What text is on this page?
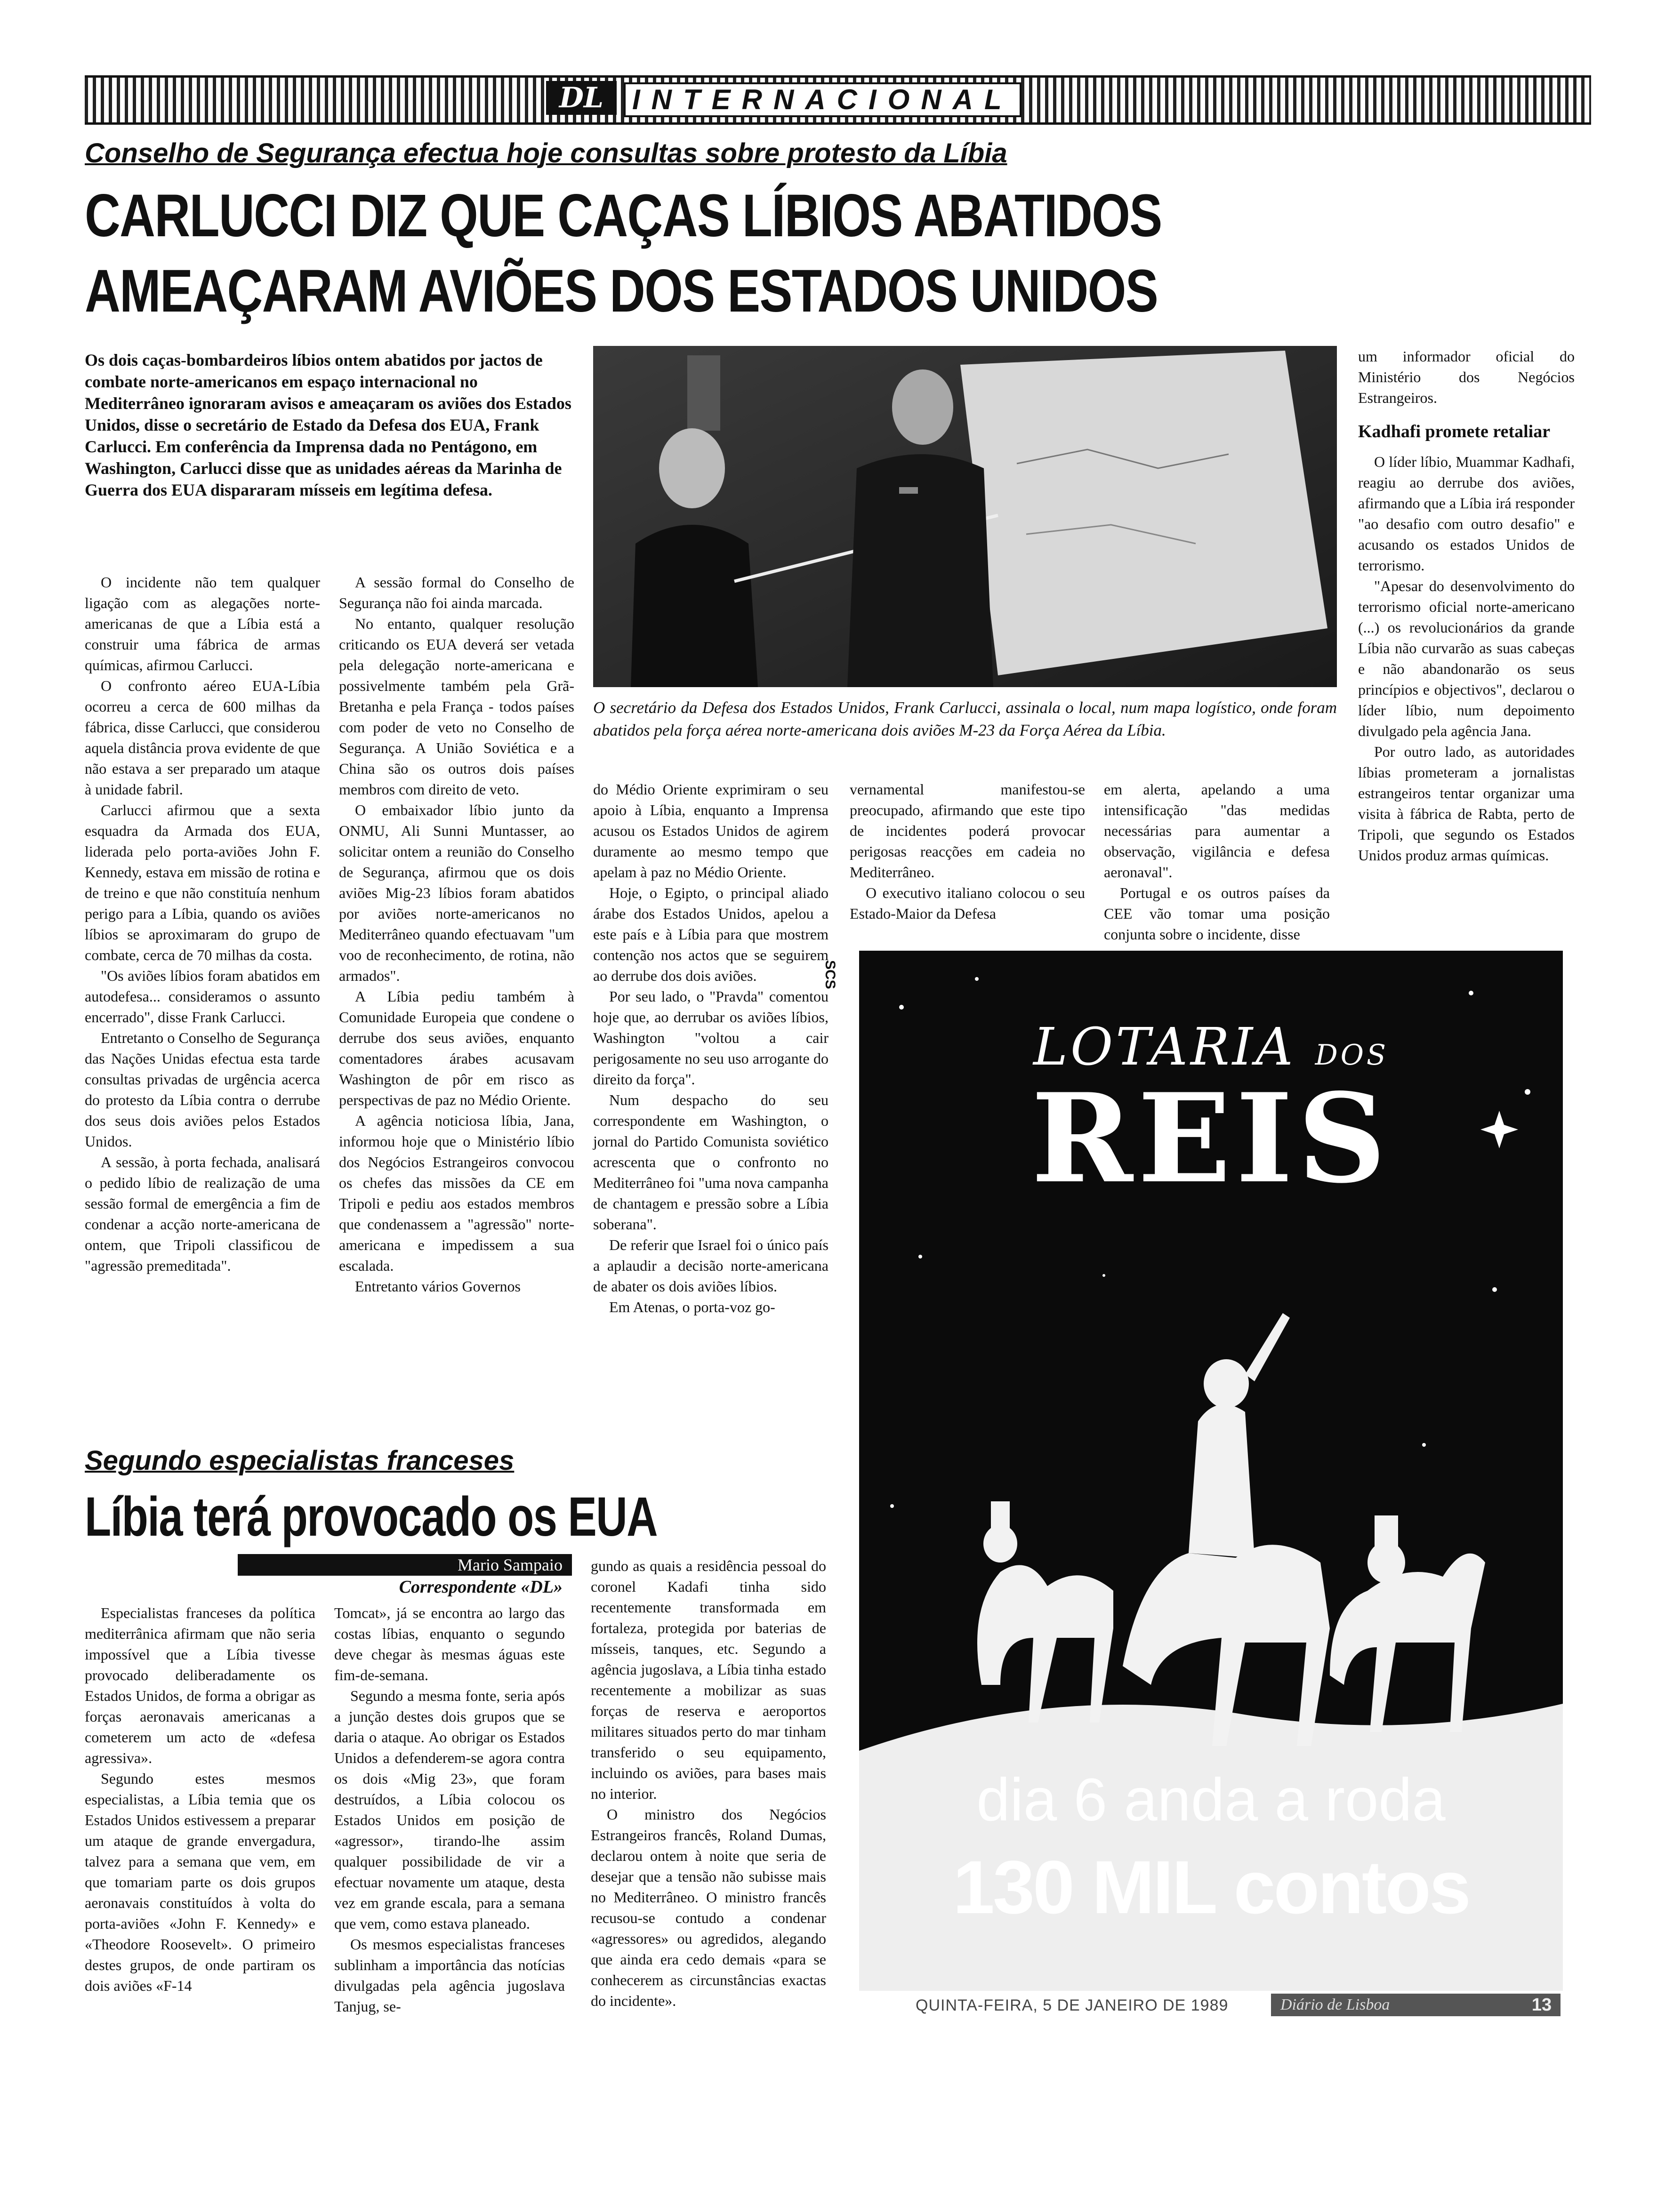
DL	INTERNACIONAL
Conselho de Segurança efectua hoje consultas sobre protesto da Líbia
CARLUCCI DIZ QUE CAÇAS LÍBIOS ABATIDOS
AMEAÇARAM AVIÕES DOS ESTADOS UNIDOS
Os dois caças-bombardeiros líbios ontem abatidos por jactos de combate norte-americanos em espaço internacional no Mediterrâneo ignoraram avisos e ameaçaram os aviões dos Estados Unidos, disse o secretário de Estado da Defesa dos EUA, Frank Carlucci. Em conferência da Imprensa dada no Pentágono, em Washington, Carlucci disse que as unidades aéreas da Marinha de Guerra dos EUA dispararam mísseis em legítima defesa.
O secretário da Defesa dos Estados Unidos, Frank Carlucci, assinala o local, num mapa logístico, onde foram abatidos pela força aérea norte-americana dois aviões M-23 da Força Aérea da Líbia.

O incidente não tem qualquer ligação com as alegações norte-americanas de que a Líbia está a construir uma fábrica de armas químicas, afirmou Carlucci.

O confronto aéreo EUA-Líbia ocorreu a cerca de 600 milhas da fábrica, disse Carlucci, que considerou aquela distância prova evidente de que não estava a ser preparado um ataque à unidade fabril.

Carlucci afirmou que a sexta esquadra da Armada dos EUA, liderada pelo porta-aviões John F. Kennedy, estava em missão de rotina e de treino e que não constituía nenhum perigo para a Líbia, quando os aviões líbios se aproximaram do grupo de combate, cerca de 70 milhas da costa.

"Os aviões líbios foram abatidos em autodefesa... consideramos o assunto encerrado", disse Frank Carlucci.

Entretanto o Conselho de Segurança das Nações Unidas efectua esta tarde consultas privadas de urgência acerca do protesto da Líbia contra o derrube dos seus dois aviões pelos Estados Unidos.

A sessão, à porta fechada, analisará o pedido líbio de realização de uma sessão formal de emergência a fim de condenar a acção norte-americana de ontem, que Tripoli classificou de "agressão premeditada".

A sessão formal do Conselho de Segurança não foi ainda marcada.

No entanto, qualquer resolução criticando os EUA deverá ser vetada pela delegação norte-americana e possivelmente também pela Grã-Bretanha e pela França - todos países com poder de veto no Conselho de Segurança. A União Soviética e a China são os outros dois países membros com direito de veto.

O embaixador líbio junto da ONMU, Ali Sunni Muntasser, ao solicitar ontem a reunião do Conselho de Segurança, afirmou que os dois aviões Mig-23 líbios foram abatidos por aviões norte-americanos no Mediterrâneo quando efectuavam "um voo de reconhecimento, de rotina, não armados".

A Líbia pediu também à Comunidade Europeia que condene o derrube dos seus aviões, enquanto comentadores árabes acusavam Washington de pôr em risco as perspectivas de paz no Médio Oriente.

A agência noticiosa líbia, Jana, informou hoje que o Ministério líbio dos Negócios Estrangeiros convocou os chefes das missões da CE em Tripoli e pediu aos estados membros que condenassem a "agressão" norte-americana e impedissem a sua escalada.

Entretanto vários Governos

do Médio Oriente exprimiram o seu apoio à Líbia, enquanto a Imprensa acusou os Estados Unidos de agirem duramente ao mesmo tempo que apelam à paz no Médio Oriente.

Hoje, o Egipto, o principal aliado árabe dos Estados Unidos, apelou a este país e à Líbia para que mostrem contenção nos actos que se seguirem ao derrube dos dois aviões.

Por seu lado, o "Pravda" comentou hoje que, ao derrubar os aviões líbios, Washington "voltou a cair perigosamente no seu uso arrogante do direito da força".

Num despacho do seu correspondente em Washington, o jornal do Partido Comunista soviético acrescenta que o confronto no Mediterrâneo foi "uma nova campanha de chantagem e pressão sobre a Líbia soberana".

De referir que Israel foi o único país a aplaudir a decisão norte-americana de abater os dois aviões líbios.

Em Atenas, o porta-voz go-

vernamental manifestou-se preocupado, afirmando que este tipo de incidentes poderá provocar perigosas reacções em cadeia no Mediterrâneo.

O executivo italiano colocou o seu Estado-Maior da Defesa

em alerta, apelando a uma intensificação "das medidas necessárias para aumentar a observação, vigilância e defesa aeronaval".

Portugal e os outros países da CEE vão tomar uma posição conjunta sobre o incidente, disse

um informador oficial do Ministério dos Negócios Estrangeiros.

Kadhafi promete retaliar

O líder líbio, Muammar Kadhafi, reagiu ao derrube dos aviões, afirmando que a Líbia irá responder "ao desafio com outro desafio" e acusando os estados Unidos de terrorismo.

"Apesar do desenvolvimento do terrorismo oficial norte-americano (...) os revolucionários da grande Líbia não curvarão as suas cabeças e não abandonarão os seus princípios e objectivos", declarou o líder líbio, num depoimento divulgado pela agência Jana.

Por outro lado, as autoridades líbias prometeram a jornalistas estrangeiros tentar organizar uma visita à fábrica de Rabta, perto de Tripoli, que segundo os Estados Unidos produz armas químicas.

Segundo especialistas franceses
Líbia terá provocado os EUA
Mario Sampaio
Correspondente «DL»

Especialistas franceses da política mediterrânica afirmam que não seria impossível que a Líbia tivesse provocado deliberadamente os Estados Unidos, de forma a obrigar as forças aeronavais americanas a cometerem um acto de «defesa agressiva».

Segundo estes mesmos especialistas, a Líbia temia que os Estados Unidos estivessem a preparar um ataque de grande envergadura, talvez para a semana que vem, em que tomariam parte os dois grupos aeronavais constituídos à volta do porta-aviões «John F. Kennedy» e «Theodore Roosevelt». O primeiro destes grupos, de onde partiram os dois aviões «F-14

Tomcat», já se encontra ao largo das costas líbias, enquanto o segundo deve chegar às mesmas águas este fim-de-semana.

Segundo a mesma fonte, seria após a junção destes dois grupos que se daria o ataque. Ao obrigar os Estados Unidos a defenderem-se agora contra os dois «Mig 23», que foram destruídos, a Líbia colocou os Estados Unidos em posição de «agressor», tirando-lhe assim qualquer possibilidade de vir a efectuar novamente um ataque, desta vez em grande escala, para a semana que vem, como estava planeado.

Os mesmos especialistas franceses sublinham a importância das notícias divulgadas pela agência jugoslava Tanjug, se-

gundo as quais a residência pessoal do coronel Kadafi tinha sido recentemente transformada em fortaleza, protegida por baterias de mísseis, tanques, etc. Segundo a agência jugoslava, a Líbia tinha estado recentemente a mobilizar as suas forças de reserva e aeroportos militares situados perto do mar tinham transferido o seu equipamento, incluindo os aviões, para bases mais no interior.

O ministro dos Negócios Estrangeiros francês, Roland Dumas, declarou ontem à noite que seria de desejar que a tensão não subisse mais no Mediterrâneo. O ministro francês recusou-se contudo a condenar «agressores» ou agredidos, alegando que ainda era cedo demais «para se conhecerem as circunstâncias exactas do incidente».

SCS
LOTARIA DOS
REIS
dia 6 anda a roda
130 MIL contos
QUINTA-FEIRA, 5 DE JANEIRO DE 1989	Diário de Lisboa	13
